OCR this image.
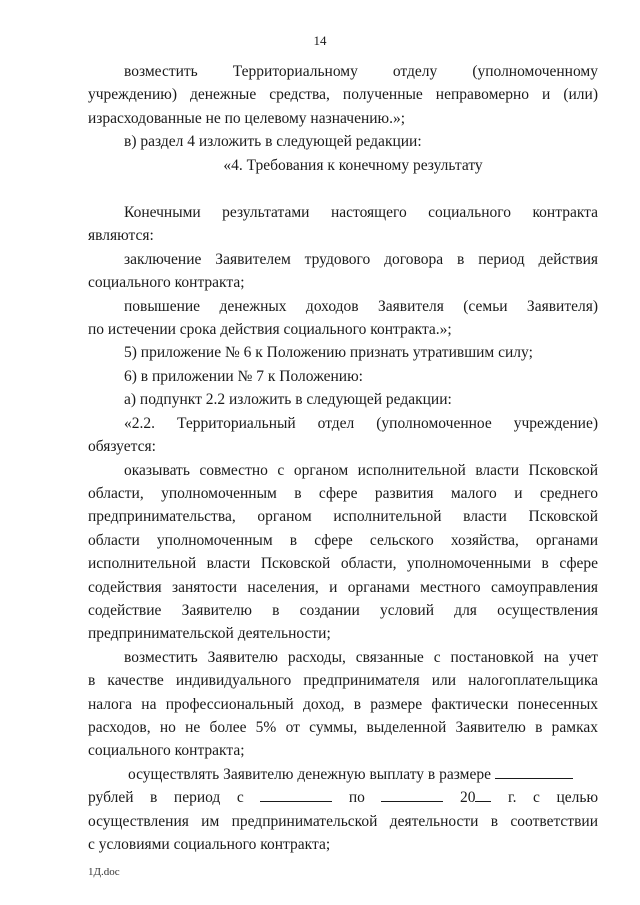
14

возместить Территориальному отделу (уполномоченному

учреждению) денежные средства, полученные неправомерно и (или)

израсходованные не по целевому назначению.»;

в) раздел 4 изложить в следующей редакции:

«4. Требования к конечному результату

Конечными результатами настоящего социального контракта

являются:

заключение Заявителем трудового договора в период действия

социального контракта;

повышение денежных доходов Заявителя (семьи Заявителя)

по истечении срока действия социального контракта.»;

5) приложение № 6 к Положению признать утратившим силу;

6) в приложении № 7 к Положению:

а) подпункт 2.2 изложить в следующей редакции:

«2.2. Территориальный отдел (уполномоченное учреждение)

обязуется:

оказывать совместно с органом исполнительной власти Псковской

области, уполномоченным в сфере развития малого и среднего

предпринимательства, органом исполнительной власти Псковской

области уполномоченным в сфере сельского хозяйства, органами

исполнительной власти Псковской области, уполномоченными в сфере

содействия занятости населения, и органами местного самоуправления

содействие Заявителю в создании условий для осуществления

предпринимательской деятельности;

возместить Заявителю расходы, связанные с постановкой на учет

в качестве индивидуального предпринимателя или налогоплательщика

налога на профессиональный доход, в размере фактически понесенных

расходов, но не более 5% от суммы, выделенной Заявителю в рамках

социального контракта;

осуществлять Заявителю денежную выплату в размере

рублей в период с	по	20 г. с целью

осуществления им предпринимательской деятельности в соответствии

с условиями социального контракта;

1Д.doc
